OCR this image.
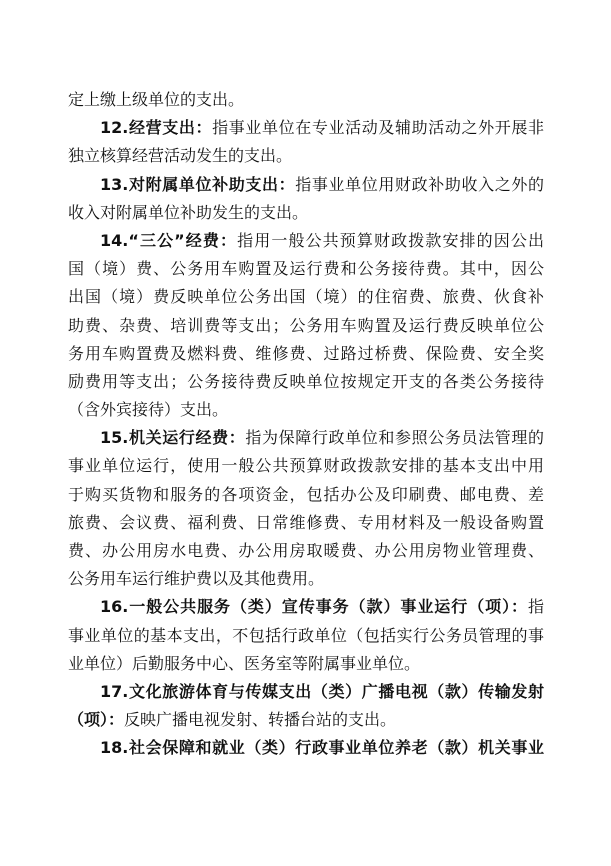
定上缴上级单位的支出。
12.经营支出：指事业单位在专业活动及辅助活动之外开展非
独立核算经营活动发生的支出。
13.对附属单位补助支出：指事业单位用财政补助收入之外的
收入对附属单位补助发生的支出。
14.“三公”经费：指用一般公共预算财政拨款安排的因公出
国（境）费、公务用车购置及运行费和公务接待费。其中，因公
出国（境）费反映单位公务出国（境）的住宿费、旅费、伙食补
助费、杂费、培训费等支出；公务用车购置及运行费反映单位公
务用车购置费及燃料费、维修费、过路过桥费、保险费、安全奖
励费用等支出；公务接待费反映单位按规定开支的各类公务接待
（含外宾接待）支出。
15.机关运行经费：指为保障行政单位和参照公务员法管理的
事业单位运行，使用一般公共预算财政拨款安排的基本支出中用
于购买货物和服务的各项资金，包括办公及印刷费、邮电费、差
旅费、会议费、福利费、日常维修费、专用材料及一般设备购置
费、办公用房水电费、办公用房取暖费、办公用房物业管理费、
公务用车运行维护费以及其他费用。
16.一般公共服务（类）宣传事务（款）事业运行（项）：指
事业单位的基本支出，不包括行政单位（包括实行公务员管理的事
业单位）后勤服务中心、医务室等附属事业单位。
17.文化旅游体育与传媒支出（类）广播电视（款）传输发射
（项）：反映广播电视发射、转播台站的支出。
18.社会保障和就业（类）行政事业单位养老（款）机关事业
